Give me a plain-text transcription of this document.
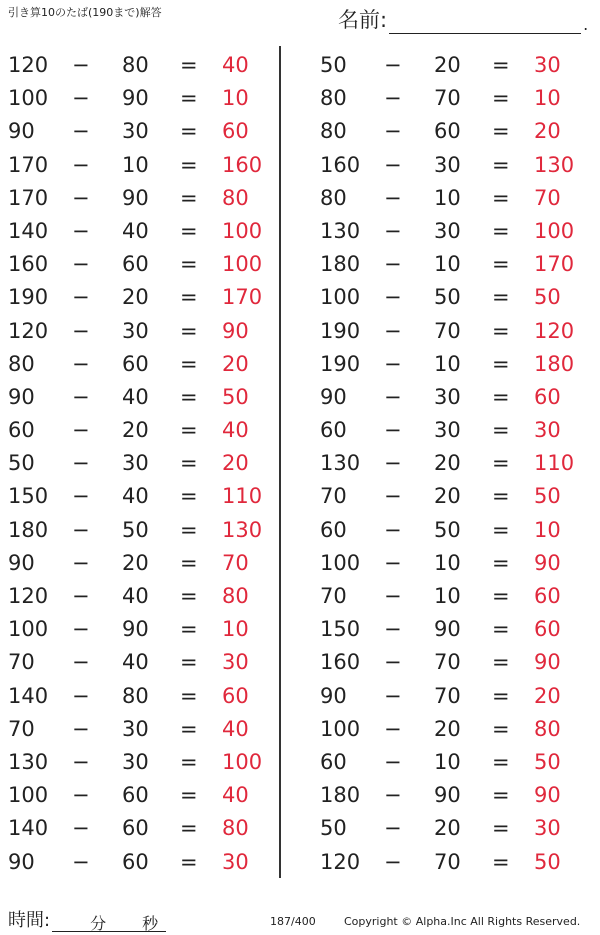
引き算10のたば(190まで)解答	名前:	.
120 − 80 = 40
100 − 90 = 10
90 − 30 = 60
170 − 10 = 160
170 − 90 = 80
140 − 40 = 100
160 − 60 = 100
190 − 20 = 170
120 − 30 = 90
80 − 60 = 20
90 − 40 = 50
60 − 20 = 40
50 − 30 = 20
150 − 40 = 110
180 − 50 = 130
90 − 20 = 70
120 − 40 = 80
100 − 90 = 10
70 − 40 = 30
140 − 80 = 60
70 − 30 = 40
130 − 30 = 100
100 − 60 = 40
140 − 60 = 80
90 − 60 = 30
50 − 20 = 30
80 − 70 = 10
80 − 60 = 20
160 − 30 = 130
80 − 10 = 70
130 − 30 = 100
180 − 10 = 170
100 − 50 = 50
190 − 70 = 120
190 − 10 = 180
90 − 30 = 60
60 − 30 = 30
130 − 20 = 110
70 − 20 = 50
60 − 50 = 10
100 − 10 = 90
70 − 10 = 60
150 − 90 = 60
160 − 70 = 90
90 − 70 = 20
100 − 20 = 80
60 − 10 = 50
180 − 90 = 90
50 − 20 = 30
120 − 70 = 50
時間:	分 秒	187/400	Copyright © Alpha.Inc All Rights Reserved.
